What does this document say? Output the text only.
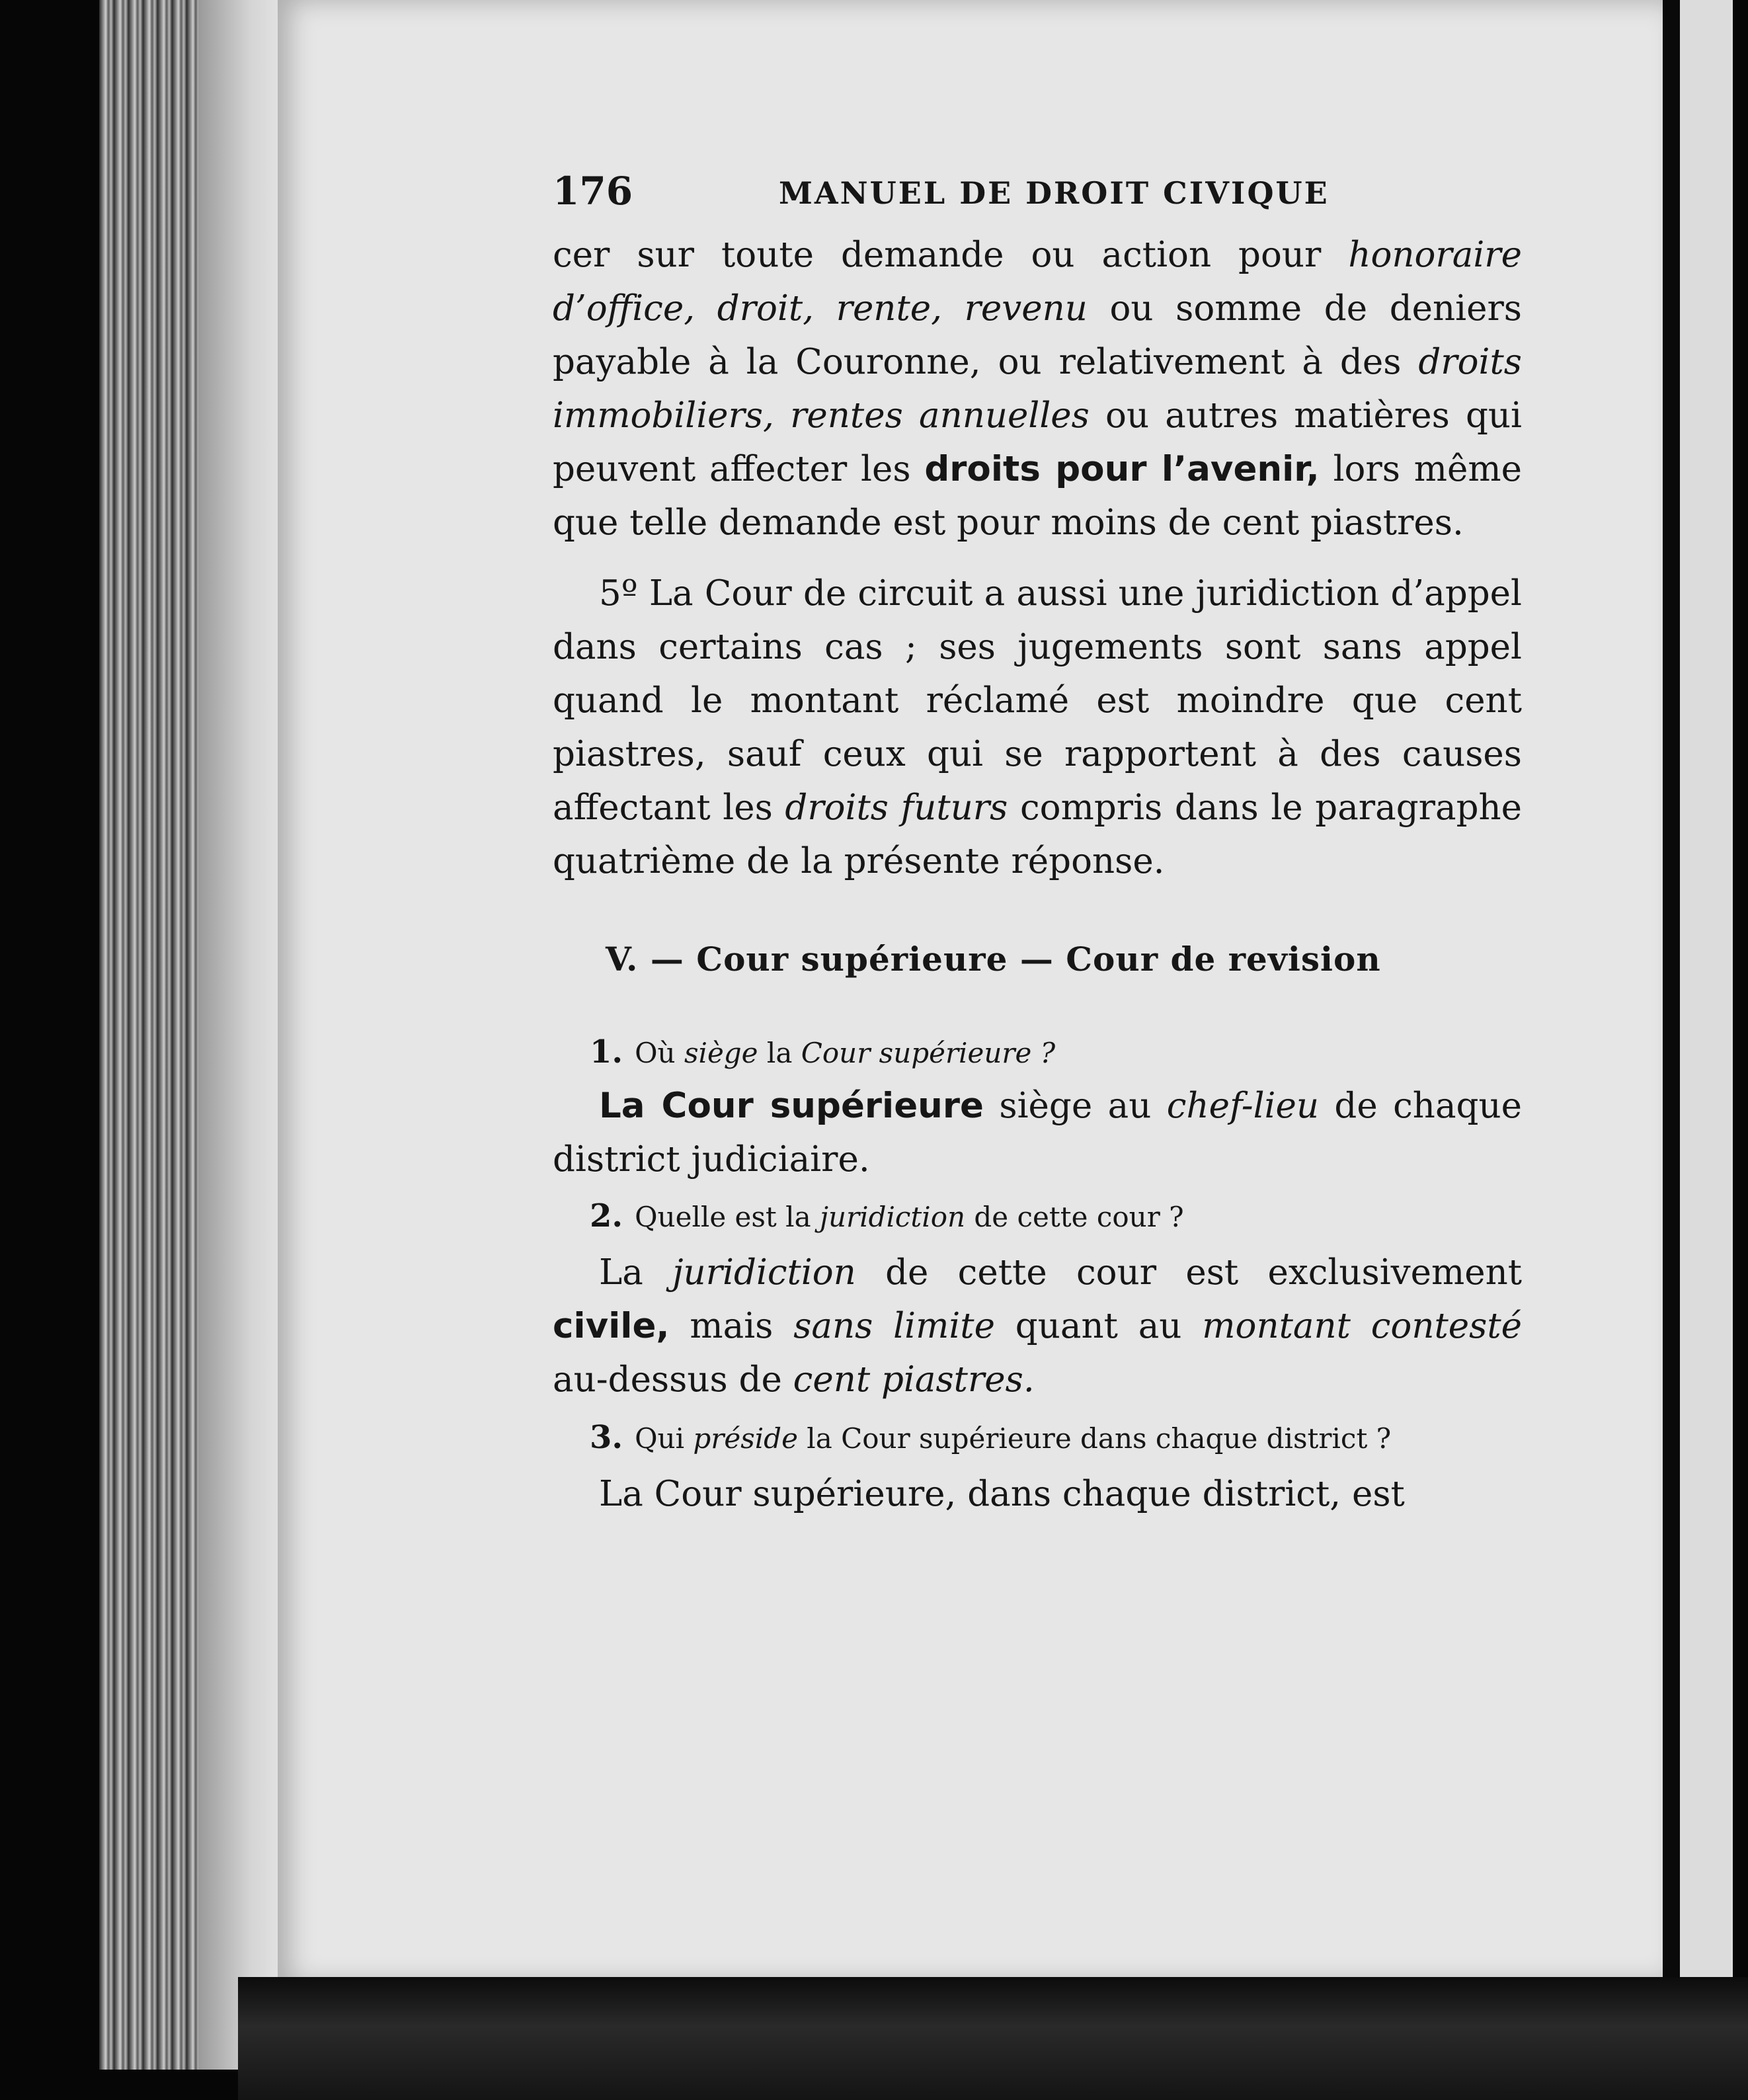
176	MANUEL DE DROIT CIVIQUE

cer sur toute demande ou action pour honoraire d’office, droit, rente, revenu ou somme de deniers payable à la Couronne, ou relativement à des droits immobiliers, rentes annuelles ou autres matières qui peuvent affecter les droits pour l’avenir, lors même que telle demande est pour moins de cent piastres.

5º La Cour de circuit a aussi une juridiction d’appel dans certains cas ; ses jugements sont sans appel quand le montant réclamé est moindre que cent piastres, sauf ceux qui se rapportent à des causes affectant les droits futurs compris dans le paragraphe quatrième de la présente réponse.

V. — Cour supérieure — Cour de revision
1. Où siège la Cour supérieure ?

La Cour supérieure siège au chef-lieu de chaque district judiciaire.

2. Quelle est la juridiction de cette cour ?

La juridiction de cette cour est exclusivement civile, mais sans limite quant au montant contesté au-dessus de cent piastres.

3. Qui préside la Cour supérieure dans chaque district ?

La Cour supérieure, dans chaque district, est
